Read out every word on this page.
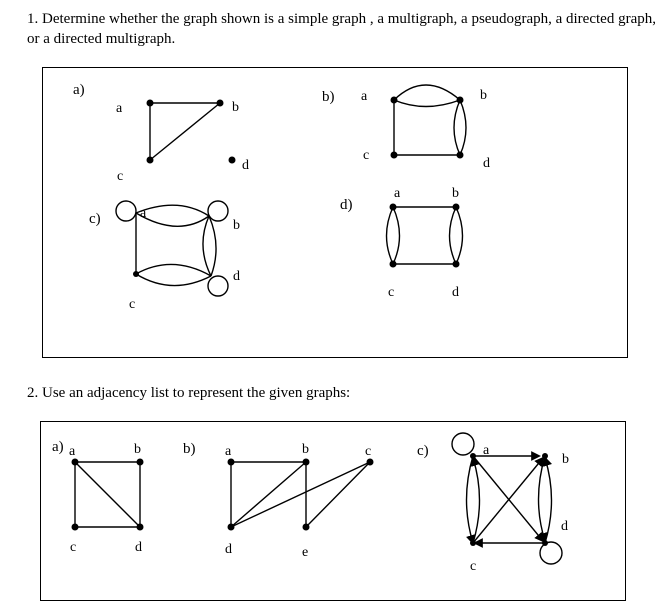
1. Determine whether the graph shown is a simple graph , a multigraph, a pseudograph, a directed graph, or a directed multigraph.
2. Use an adjacency list to represent the given graphs:
a)
a	b
c
d
b) a	b
c
d
c)	a
b
c
d
d)
a	b
c	d
a) a	b
c	d
b) a	b	c
d	e
c)	a
b
c
d
